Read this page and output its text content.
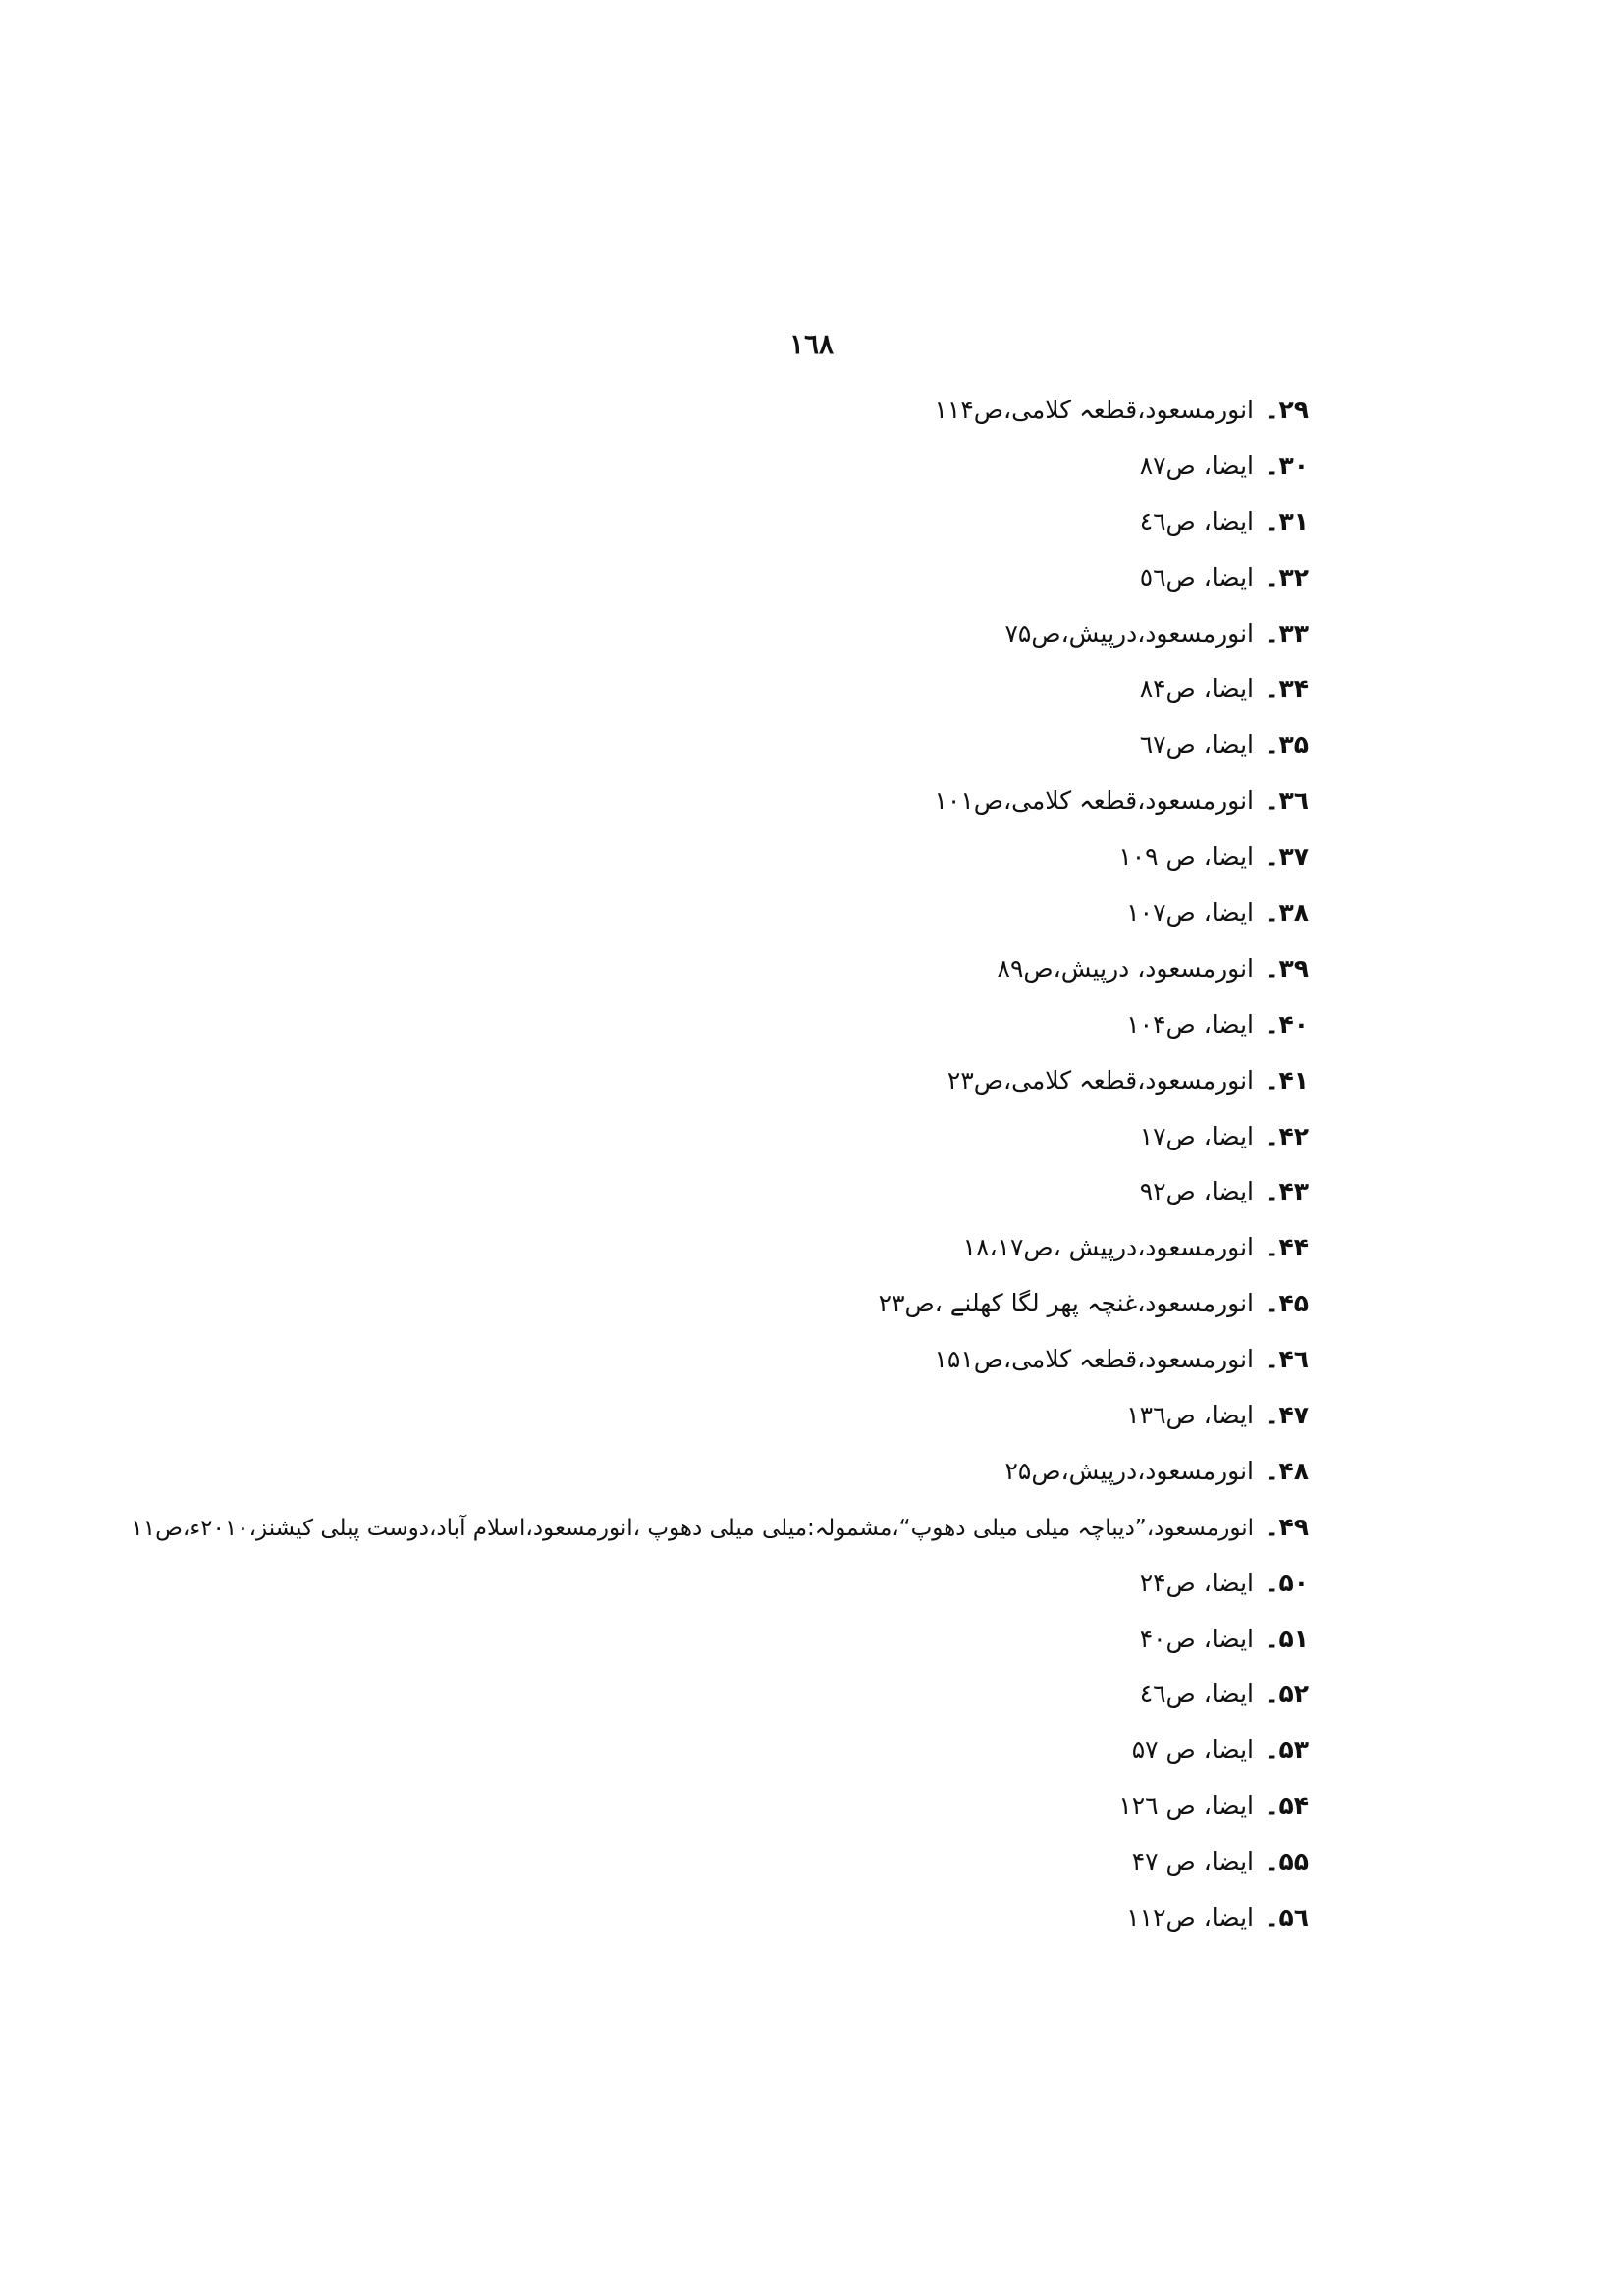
۱٦۸
۲۹۔انورمسعود،قطعہ کلامی،ص۱۱۴
۳۰۔ایضا، ص۸۷
۳۱۔ایضا، ص٤٦
۳۲۔ایضا، ص٥٦
۳۳۔انورمسعود،درپیش،ص۷۵
۳۴۔ایضا، ص۸۴
۳۵۔ایضا، ص٦۷
۳٦۔انورمسعود،قطعہ کلامی،ص۱۰۱
۳۷۔ایضا، ص ۱۰۹
۳۸۔ایضا، ص۱۰۷
۳۹۔انورمسعود، درپیش،ص۸۹
۴۰۔ایضا، ص۱۰۴
۴۱۔انورمسعود،قطعہ کلامی،ص۲۳
۴۲۔ایضا، ص۱۷
۴۳۔ایضا، ص۹۲
۴۴۔انورمسعود،درپیش ،ص۱۸،۱۷
۴۵۔انورمسعود،غنچہ پھر لگا کھلنے ،ص۲۳
۴٦۔انورمسعود،قطعہ کلامی،ص۱۵۱
۴۷۔ایضا، ص۱۳٦
۴۸۔انورمسعود،درپیش،ص۲۵
۴۹۔انورمسعود،”دیباچہ میلی میلی دھوپ“،مشمولہ:میلی میلی دھوپ ،انورمسعود،اسلام آباد،دوست پبلی کیشنز،۲۰۱۰ء،ص۱۱
۵۰۔ایضا، ص۲۴
۵۱۔ایضا، ص۴۰
۵۲۔ایضا، ص٤٦
۵۳۔ایضا، ص ۵۷
۵۴۔ایضا، ص ۱۲٦
۵۵۔ایضا، ص ۴۷
۵٦۔ایضا، ص۱۱۲
